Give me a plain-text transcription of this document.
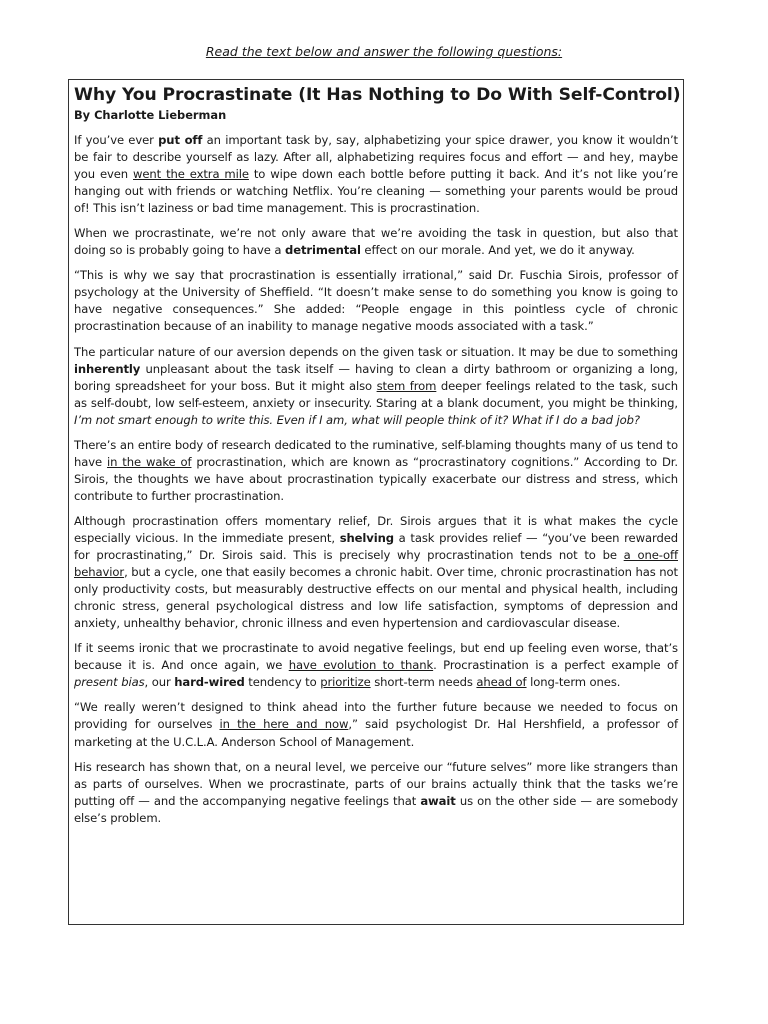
Read the text below and answer the following questions:
Why You Procrastinate (It Has Nothing to Do With Self-Control)
By Charlotte Lieberman

If you’ve ever put off an important task by, say, alphabetizing your spice drawer, you know it wouldn’t be fair to describe yourself as lazy. After all, alphabetizing requires focus and effort — and hey, maybe you even went the extra mile to wipe down each bottle before putting it back. And it’s not like you’re hanging out with friends or watching Netflix. You’re cleaning — something your parents would be proud of! This isn’t laziness or bad time management. This is procrastination.

When we procrastinate, we’re not only aware that we’re avoiding the task in question, but also that doing so is probably going to have a detrimental effect on our morale. And yet, we do it anyway.

“This is why we say that procrastination is essentially irrational,” said Dr. Fuschia Sirois, professor of psychology at the University of Sheffield. “It doesn’t make sense to do something you know is going to have negative consequences.” She added: “People engage in this pointless cycle of chronic procrastination because of an inability to manage negative moods associated with a task.”

The particular nature of our aversion depends on the given task or situation. It may be due to something inherently unpleasant about the task itself — having to clean a dirty bathroom or organizing a long, boring spreadsheet for your boss. But it might also stem from deeper feelings related to the task, such as self-doubt, low self-esteem, anxiety or insecurity. Staring at a blank document, you might be thinking, I’m not smart enough to write this. Even if I am, what will people think of it? What if I do a bad job?

There’s an entire body of research dedicated to the ruminative, self-blaming thoughts many of us tend to have in the wake of procrastination, which are known as “procrastinatory cognitions.” According to Dr. Sirois, the thoughts we have about procrastination typically exacerbate our distress and stress, which contribute to further procrastination.

Although procrastination offers momentary relief, Dr. Sirois argues that it is what makes the cycle especially vicious. In the immediate present, shelving a task provides relief — “you’ve been rewarded for procrastinating,” Dr. Sirois said. This is precisely why procrastination tends not to be a one-off behavior, but a cycle, one that easily becomes a chronic habit. Over time, chronic procrastination has not only productivity costs, but measurably destructive effects on our mental and physical health, including chronic stress, general psychological distress and low life satisfaction, symptoms of depression and anxiety, unhealthy behavior, chronic illness and even hypertension and cardiovascular disease.

If it seems ironic that we procrastinate to avoid negative feelings, but end up feeling even worse, that’s because it is. And once again, we have evolution to thank. Procrastination is a perfect example of present bias, our hard-wired tendency to prioritize short-term needs ahead of long-term ones.

“We really weren’t designed to think ahead into the further future because we needed to focus on providing for ourselves in the here and now,” said psychologist Dr. Hal Hershfield, a professor of marketing at the U.C.L.A. Anderson School of Management.

His research has shown that, on a neural level, we perceive our “future selves” more like strangers than as parts of ourselves. When we procrastinate, parts of our brains actually think that the tasks we’re putting off — and the accompanying negative feelings that await us on the other side — are somebody else’s problem.
